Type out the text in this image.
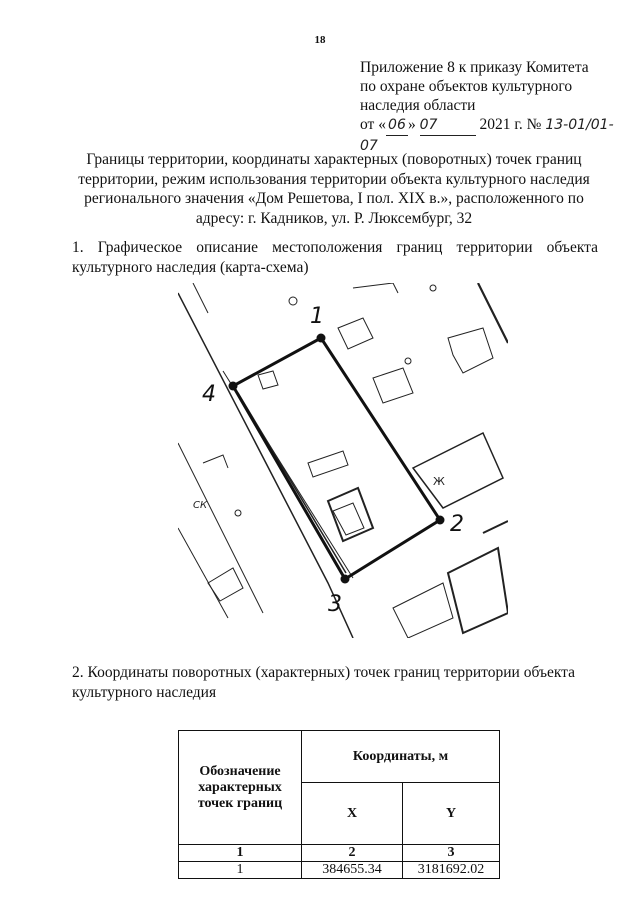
18
Приложение 8 к приказу Комитета
по охране объектов культурного
наследия области
от « 06 » 07	2021 г. № 13-01/01-07
Границы территории, координаты характерных (поворотных) точек границ территории, режим использования территории объекта культурного наследия регионального значения «Дом Решетова, I пол. XIX в.», расположенного по адресу: г. Кадников, ул. Р. Люксембург, 32
1. Графическое описание местоположения границ территории объекта культурного наследия (карта-схема)
1
2
3
4
Ж
СК
2. Координаты поворотных (характерных) точек границ территории объекта культурного наследия
Обозначение характерных точек границ	Координаты, м	
	X	Y
1	2	3
1	384655.34	3181692.02
